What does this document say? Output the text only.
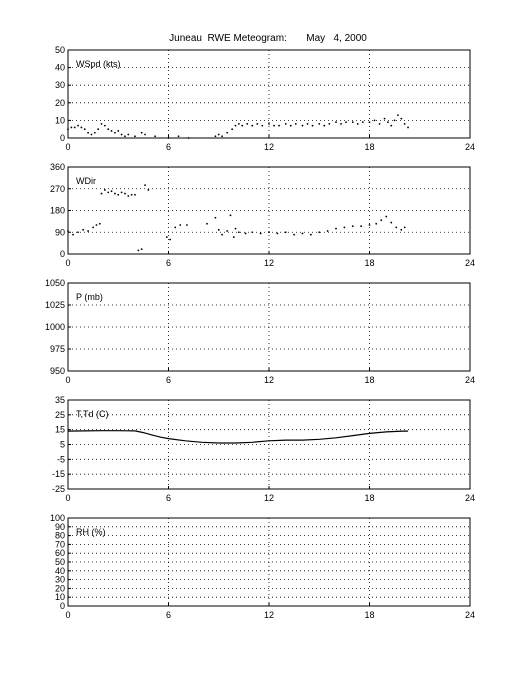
Juneau  RWE Meteogram:       May   4, 2000
0	6	12	18	24
0
10
20
30
40
50
WSpd (kts)
0	6	12	18	24
0
90
180
270
360
WDir
0	6	12	18	24
950
975
1000
1025
1050
P (mb)
0	6	12	18	24
-25
-15
-5
5
15
25
35
T,Td (C)
0	6	12	18	24
0
10
20
30
40
50
60
70
80
90
100
RH (%)
